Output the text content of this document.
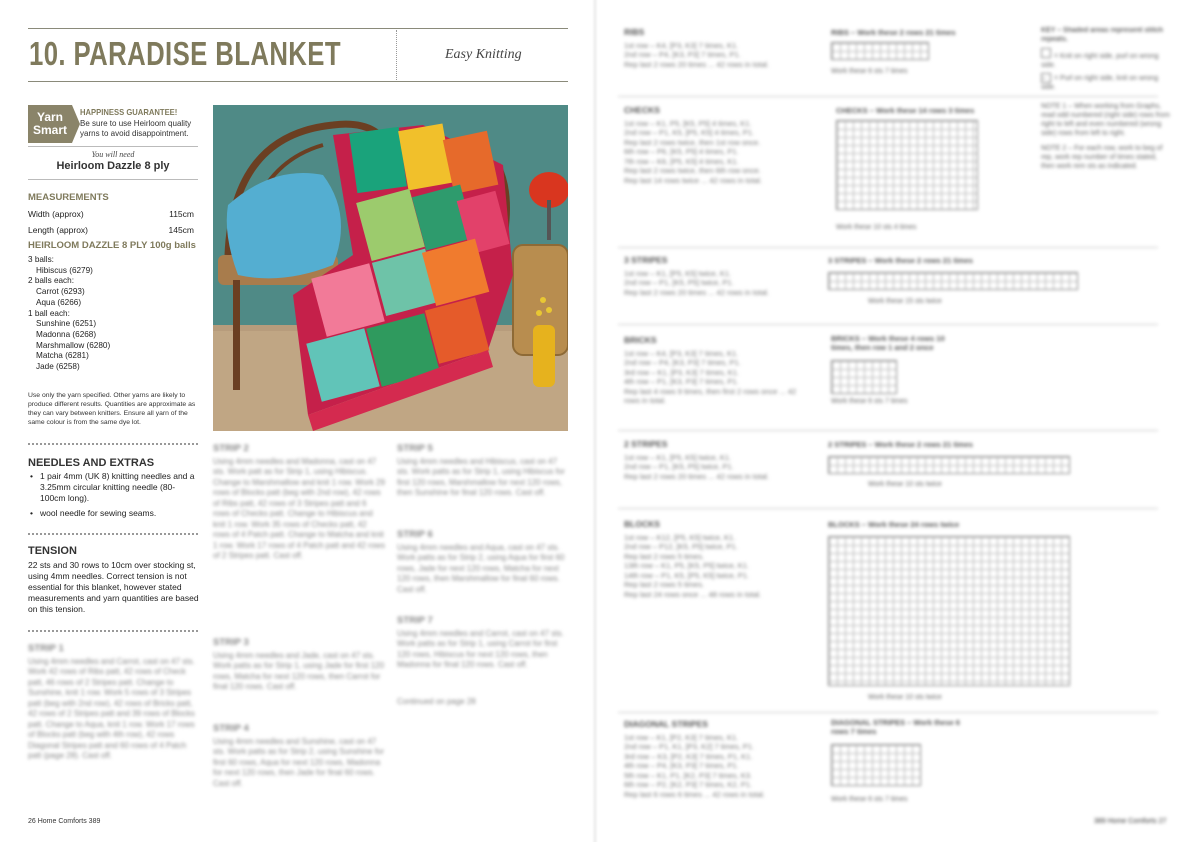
10. PARADISE BLANKET	Easy Knitting
Yarn
Smart
HAPPINESS GUARANTEE!
Be sure to use Heirloom quality yarns to avoid disappointment.
You will need
Heirloom Dazzle 8 ply
MEASUREMENTS
Width (approx)	115cm
Length (approx)	145cm
HEIRLOOM DAZZLE 8 PLY 100g balls
3 balls:
Hibiscus (6279)
2 balls each:
Carrot (6293)
Aqua (6266)
1 ball each:
Sunshine (6251)
Madonna (6268)
Marshmallow (6280)
Matcha (6281)
Jade (6258)
Use only the yarn specified. Other yarns are likely to produce different results. Quantities are approximate as they can vary between knitters. Ensure all yarn of the same colour is from the same dye lot.
NEEDLES AND EXTRAS
• 1 pair 4mm (UK 8) knitting needles and a 3.25mm circular knitting needle (80-100cm long).
• wool needle for sewing seams.
TENSION
22 sts and 30 rows to 10cm over stocking st, using 4mm needles. Correct tension is not essential for this blanket, however stated measurements and yarn quantities are based on this tension.
STRIP 1
Using 4mm needles and Carrot, cast on 47 sts. Work 42 rows of Ribs patt, 42 rows of Check patt, 46 rows of 2 Stripes patt. Change to Sunshine, knit 1 row. Work 5 rows of 3 Stripes patt (beg with 2nd row), 42 rows of Bricks patt, 42 rows of 2 Stripes patt and 39 rows of Blocks patt. Change to Aqua, knit 1 row. Work 17 rows of Blocks patt (beg with 4th row), 42 rows Diagonal Stripes patt and 60 rows of 4 Patch patt (page 28). Cast off.
STRIP 2
Using 4mm needles and Madonna, cast on 47 sts. Work patt as for Strip 1, using Hibiscus. Change to Marshmallow and knit 1 row. Work 29 rows of Blocks patt (beg with 2nd row), 42 rows of Ribs patt, 42 rows of 3 Stripes patt and 6 rows of Checks patt. Change to Hibiscus and knit 1 row. Work 35 rows of Checks patt, 42 rows of 4 Patch patt. Change to Matcha and knit 1 row. Work 17 rows of 4 Patch patt and 42 rows of 2 Stripes patt. Cast off.
STRIP 3
Using 4mm needles and Jade, cast on 47 sts. Work patts as for Strip 1, using Jade for first 120 rows, Matcha for next 120 rows, then Carrot for final 120 rows. Cast off.
STRIP 4
Using 4mm needles and Sunshine, cast on 47 sts. Work patts as for Strip 2, using Sunshine for first 60 rows, Aqua for next 120 rows, Madonna for next 120 rows, then Jade for final 60 rows. Cast off.
STRIP 5
Using 4mm needles and Hibiscus, cast on 47 sts. Work patts as for Strip 1, using Hibiscus for first 120 rows, Marshmallow for next 120 rows, then Sunshine for final 120 rows. Cast off.
STRIP 6
Using 4mm needles and Aqua, cast on 47 sts. Work patts as for Strip 2, using Aqua for first 60 rows, Jade for next 120 rows, Matcha for next 120 rows, then Marshmallow for final 60 rows. Cast off.
STRIP 7
Using 4mm needles and Carrot, cast on 47 sts. Work patts as for Strip 1, using Carrot for first 120 rows, Hibiscus for next 120 rows, then Madonna for final 120 rows. Cast off.
Continued on page 28
26 Home Comforts 389
KEY – Shaded areas represent stitch repeats.
= Knit on right side, purl on wrong side.
– = Purl on right side, knit on wrong side.
NOTE 1 – When working from Graphs, read odd numbered (right side) rows from right to left and even numbered (wrong side) rows from left to right.
NOTE 2 – For each row, work to beg of rep, work rep number of times stated, then work rem sts as indicated.
RIBS
1st row – K4, [P3, K3] 7 times, K1.
2nd row – P4, [K3, P3] 7 times, P1.
Rep last 2 rows 20 times ... 42 rows in total.
RIBS – Work these 2 rows 21 times
Work these 6 sts 7 times
CHECKS
1st row – K1, P5, [K5, P5] 4 times, K1.
2nd row – P1, K5, [P5, K5] 4 times, P1.
Rep last 2 rows twice, then 1st row once.
6th row – P6, [K5, P5] 4 times, P1.
7th row – K6, [P5, K5] 4 times, K1.
Rep last 2 rows twice, then 6th row once.
Rep last 14 rows twice ... 42 rows in total.
CHECKS – Work these 14 rows 3 times
Work these 10 sts 4 times
3 STRIPES
1st row – K1, [P5, K5] twice, K1.
2nd row – P1, [K5, P5] twice, P1.
Rep last 2 rows 20 times ... 42 rows in total.
3 STRIPES – Work these 2 rows 21 times
Work these 15 sts twice
BRICKS
1st row – K4, [P3, K3] 7 times, K1.
2nd row – P4, [K3, P3] 7 times, P1.
3rd row – K1, [P3, K3] 7 times, K1.
4th row – P1, [K3, P3] 7 times, P1.
Rep last 4 rows 9 times, then first 2 rows once ... 42 rows in total.
BRICKS – Work these 4 rows 10 times, then row 1 and 2 once
Work these 6 sts 7 times
2 STRIPES
1st row – K1, [P5, K5] twice, K1.
2nd row – P1, [K5, P5] twice, P1.
Rep last 2 rows 20 times ... 42 rows in total.
2 STRIPES – Work these 2 rows 21 times
Work these 10 sts twice
BLOCKS
1st row – K12, [P5, K5] twice, K1.
2nd row – P12, [K5, P5] twice, P1.
Rep last 2 rows 5 times.
13th row – K1, P5, [K5, P5] twice, K1.
14th row – P1, K5, [P5, K5] twice, P1.
Rep last 2 rows 5 times.
Rep last 24 rows once ... 48 rows in total.
BLOCKS – Work these 24 rows twice
Work these 10 sts twice
DIAGONAL STRIPES
1st row – K1, [P2, K3] 7 times, K1.
2nd row – P1, K1, [P3, K2] 7 times, P1.
3rd row – K3, [P2, K3] 7 times, P1, K1.
4th row – P4, [K3, P3] 7 times, P1.
5th row – K1, P1, [K2, P3] 7 times, K3.
6th row – P2, [K2, P3] 7 times, K2, P1.
Rep last 6 rows 6 times ... 42 rows in total.
DIAGONAL STRIPES – Work these 6 rows 7 times
Work these 6 sts 7 times
389 Home Comforts 27
